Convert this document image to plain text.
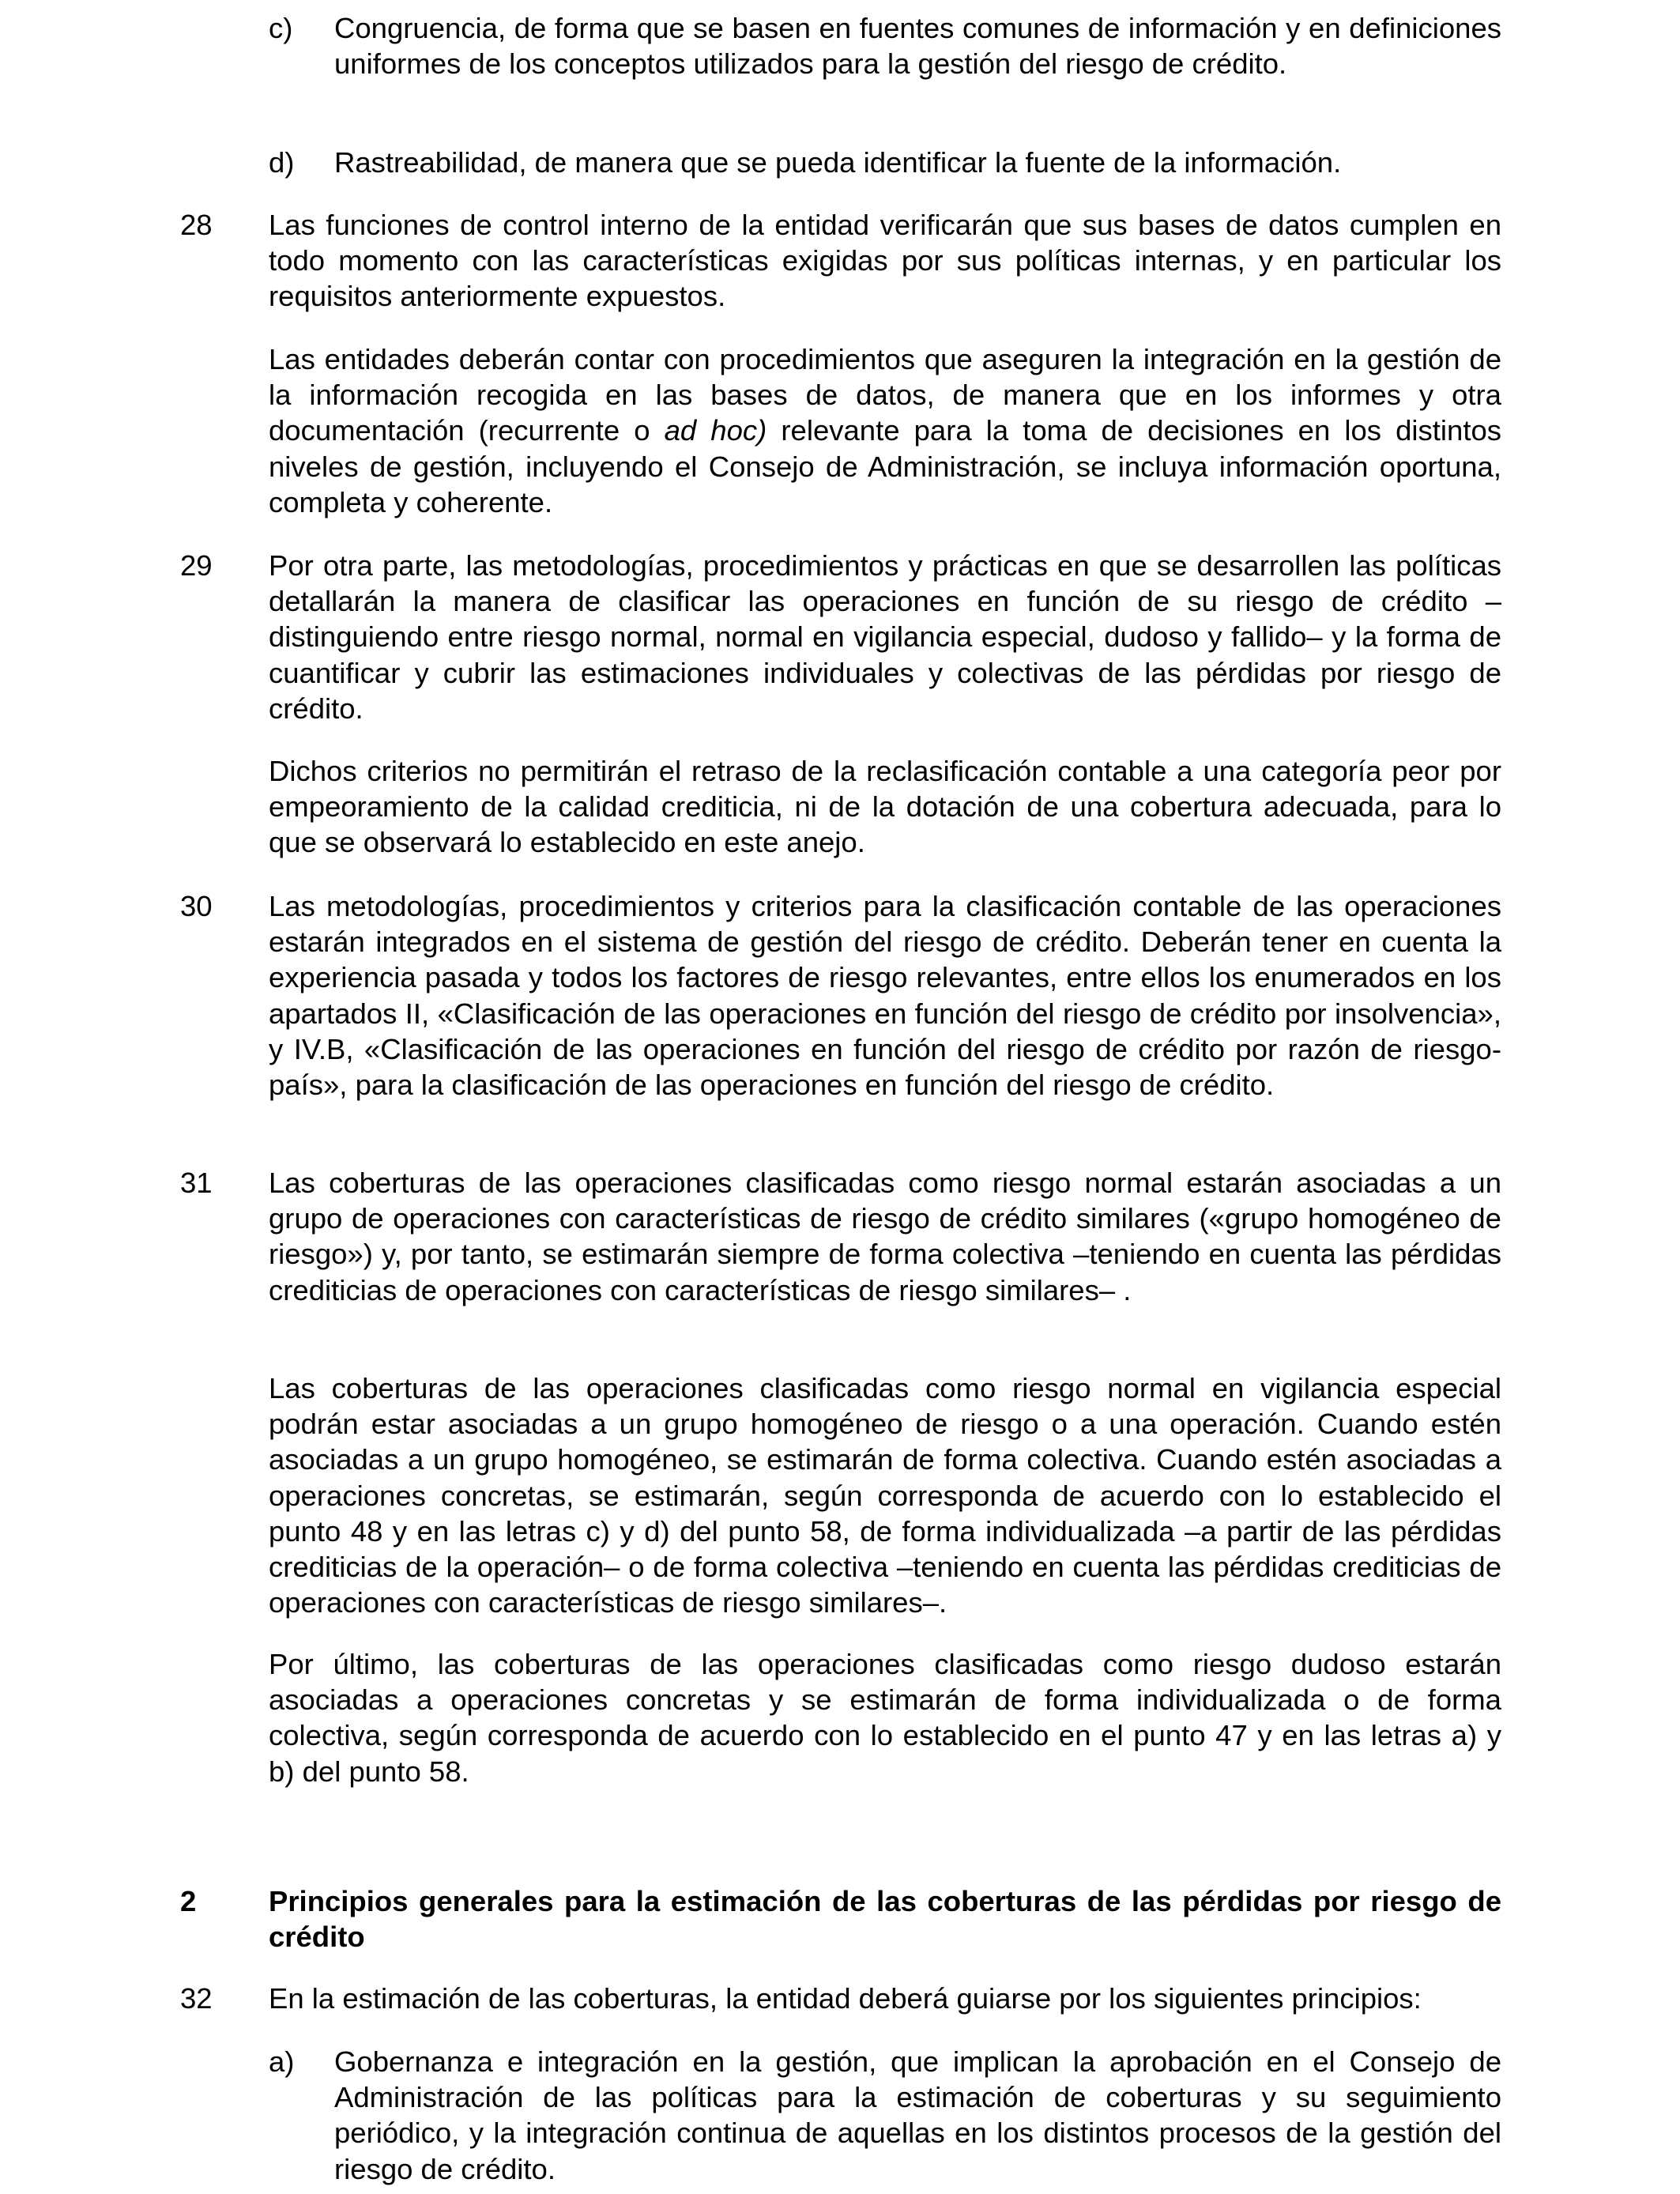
c)	Congruencia, de forma que se basen en fuentes comunes de información y en definiciones uniformes de los conceptos utilizados para la gestión del riesgo de crédito.

d)	Rastreabilidad, de manera que se pueda identificar la fuente de la información.

28	Las funciones de control interno de la entidad verificarán que sus bases de datos cumplen en todo momento con las características exigidas por sus políticas internas, y en particular los requisitos anteriormente expuestos.

Las entidades deberán contar con procedimientos que aseguren la integración en la gestión de la información recogida en las bases de datos, de manera que en los informes y otra documentación (recurrente o ad hoc) relevante para la toma de decisiones en los distintos niveles de gestión, incluyendo el Consejo de Administración, se incluya información oportuna, completa y coherente.

29	Por otra parte, las metodologías, procedimientos y prácticas en que se desarrollen las políticas detallarán la manera de clasificar las operaciones en función de su riesgo de crédito –distinguiendo entre riesgo normal, normal en vigilancia especial, dudoso y fallido– y la forma de cuantificar y cubrir las estimaciones individuales y colectivas de las pérdidas por riesgo de crédito.

Dichos criterios no permitirán el retraso de la reclasificación contable a una categoría peor por empeoramiento de la calidad crediticia, ni de la dotación de una cobertura adecuada, para lo que se observará lo establecido en este anejo.

30	Las metodologías, procedimientos y criterios para la clasificación contable de las operaciones estarán integrados en el sistema de gestión del riesgo de crédito. Deberán tener en cuenta la experiencia pasada y todos los factores de riesgo relevantes, entre ellos los enumerados en los apartados II, «Clasificación de las operaciones en función del riesgo de crédito por insolvencia», y IV.B, «Clasificación de las operaciones en función del riesgo de crédito por razón de riesgo-país», para la clasificación de las operaciones en función del riesgo de crédito.

31	Las coberturas de las operaciones clasificadas como riesgo normal estarán asociadas a un grupo de operaciones con características de riesgo de crédito similares («grupo homogéneo de riesgo») y, por tanto, se estimarán siempre de forma colectiva –teniendo en cuenta las pérdidas crediticias de operaciones con características de riesgo similares– .

Las coberturas de las operaciones clasificadas como riesgo normal en vigilancia especial podrán estar asociadas a un grupo homogéneo de riesgo o a una operación. Cuando estén asociadas a un grupo homogéneo, se estimarán de forma colectiva. Cuando estén asociadas a operaciones concretas, se estimarán, según corresponda de acuerdo con lo establecido el punto 48 y en las letras c) y d) del punto 58, de forma individualizada –a partir de las pérdidas crediticias de la operación– o de forma colectiva –teniendo en cuenta las pérdidas crediticias de operaciones con características de riesgo similares–.

Por último, las coberturas de las operaciones clasificadas como riesgo dudoso estarán asociadas a operaciones concretas y se estimarán de forma individualizada o de forma colectiva, según corresponda de acuerdo con lo establecido en el punto 47 y en las letras a) y b) del punto 58.

2	Principios generales para la estimación de las coberturas de las pérdidas por riesgo de crédito
32	En la estimación de las coberturas, la entidad deberá guiarse por los siguientes principios:

a)	Gobernanza e integración en la gestión, que implican la aprobación en el Consejo de Administración de las políticas para la estimación de coberturas y su seguimiento periódico, y la integración continua de aquellas en los distintos procesos de la gestión del riesgo de crédito.
